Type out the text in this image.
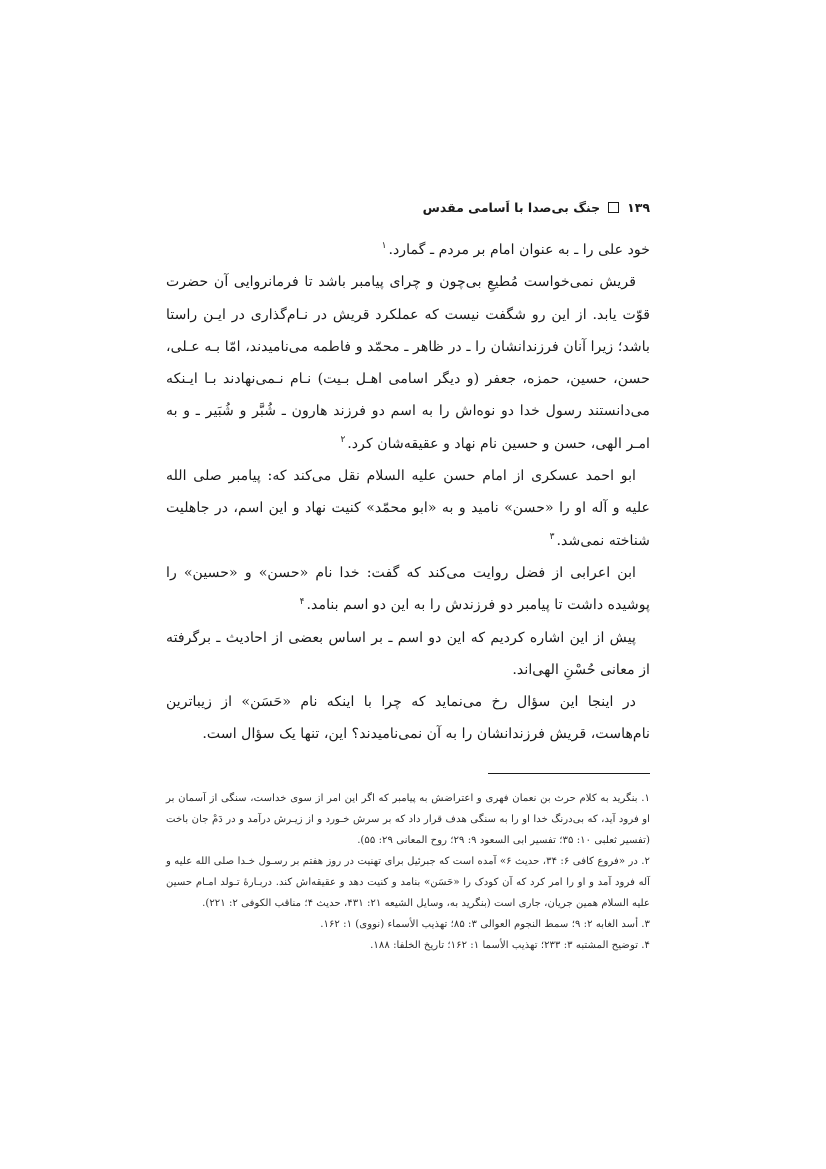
۱۳۹
جنگ بی‌صدا با اَسامی مقدس

خود علی را ـ به عنوان امام بر مردم ـ گمارد.$^۱$

قریش نمی‌خواست مُطیعِ بی‌چون و چرای پیامبر باشد تا فرمانروایی آن حضرت قوّت یابد. از این رو شگفت نیست که عملکرد قریش در نـام‌گذاری در ایـن راستا باشد؛ زیرا آنان فرزندانشان را ـ در ظاهر ـ محمّد و فاطمه می‌نامیدند، امّا بـه عـلی، حسن، حسین، حمزه، جعفر (و دیگر اسامی اهـل بـیت) نـام نـمی‌نهادند بـا ایـنکه می‌دانستند رسول خدا دو نوه‌اش را به اسم دو فرزند هارون ـ شُبَّر و شُبَیر ـ و به امـر الهی، حسن و حسین نام نهاد و عقیقه‌شان کرد.$^۲$

ابو احمد عسکری از امام حسن علیه السلام نقل می‌کند که: پیامبر صلی الله علیه و آله او را «حسن» نامید و به «ابو محمّد» کنیت نهاد و این اسم، در جاهلیت شناخته نمی‌شد.$^۳$

ابن اعرابی از فضل روایت می‌کند که گفت: خدا نام «حسن» و «حسین» را پوشیده داشت تا پیامبر دو فرزندش را به این دو اسم بنامد.$^۴$

پیش از این اشاره کردیم که این دو اسم ـ بر اساس بعضی از احادیث ـ برگرفته از معانی حُسْنِ الهی‌اند.

در اینجا این سؤال رخ می‌نماید که چرا با اینکه نام «حَسَن» از زیباترین نام‌هاست، قریش فرزندانشان را به آن نمی‌نامیدند؟ این، تنها یک سؤال است.

۱. بنگرید به کلام حرث بن نعمان فهری و اعتراضش به پیامبر که اگر این امر از سوی خداست، سنگی از آسمان بر او فرود آید، که بی‌درنگ خدا او را به سنگی هدف قرار داد که بر سرش خـورد و از زیـرش درآمد و در دَمْ جان باخت (تفسیر ثعلبی ۱۰: ۳۵؛ تفسیر ابی السعود ۹: ۲۹؛ روح المعانی ۲۹: ۵۵).

۲. در «فروع کافی ۶: ۳۴، حدیث ۶» آمده است که جبرئیل برای تهنیت در روز هفتم بر رسـول خـدا صلی الله علیه و آله فرود آمد و او را امر کرد که آن کودک را «حَسَن» بنامد و کنیت دهد و عقیقه‌اش کند. دربـارهٔ تـولد امـام حسین علیه السلام همین جریان، جاری است (بنگرید به، وسایل الشیعه ۲۱: ۴۳۱، حدیث ۴؛ مناقب الکوفی ۲: ۲۲۱).

۳. أسد الغابه ۲: ۹؛ سمط النجوم العوالی ۳: ۸۵؛ تهذیب الأسماء (نووی) ۱: ۱۶۲.

۴. توضیح المشتبه ۳: ۲۳۳؛ تهذیب الأسما ۱: ۱۶۲؛ تاریخ الخلفا: ۱۸۸.
